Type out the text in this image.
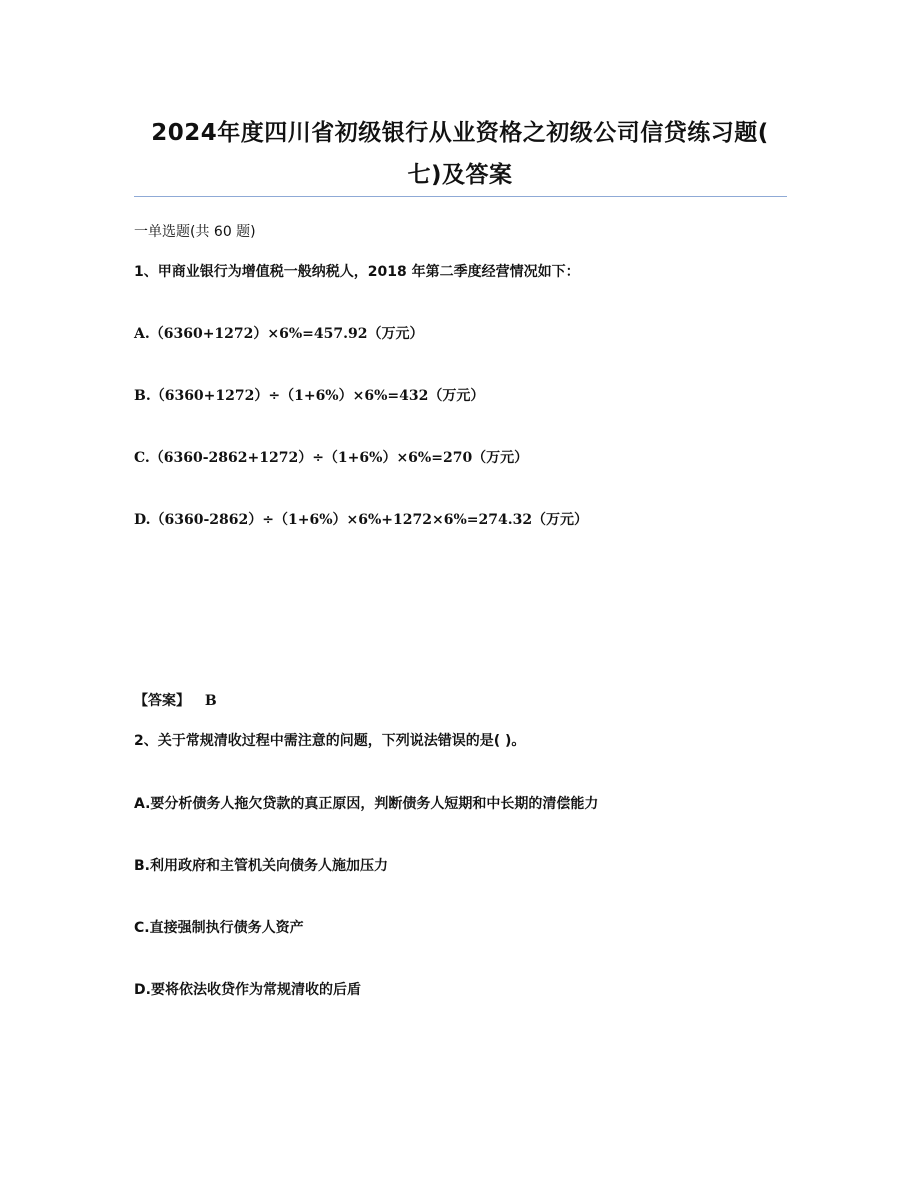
2024年度四川省初级银行从业资格之初级公司信贷练习题(
七)及答案

一单选题(共 60 题)

1、甲商业银行为增值税一般纳税人，2018 年第二季度经营情况如下：

A.（6360+1272）×6%=457.92（万元）

B.（6360+1272）÷（1+6%）×6%=432（万元）

C.（6360-2862+1272）÷（1+6%）×6%=270（万元）

D.（6360-2862）÷（1+6%）×6%+1272×6%=274.32（万元）

【答案】 B

2、关于常规清收过程中需注意的问题，下列说法错误的是( )。

A.要分析债务人拖欠贷款的真正原因，判断债务人短期和中长期的清偿能力

B.利用政府和主管机关向债务人施加压力

C.直接强制执行债务人资产

D.要将依法收贷作为常规清收的后盾
